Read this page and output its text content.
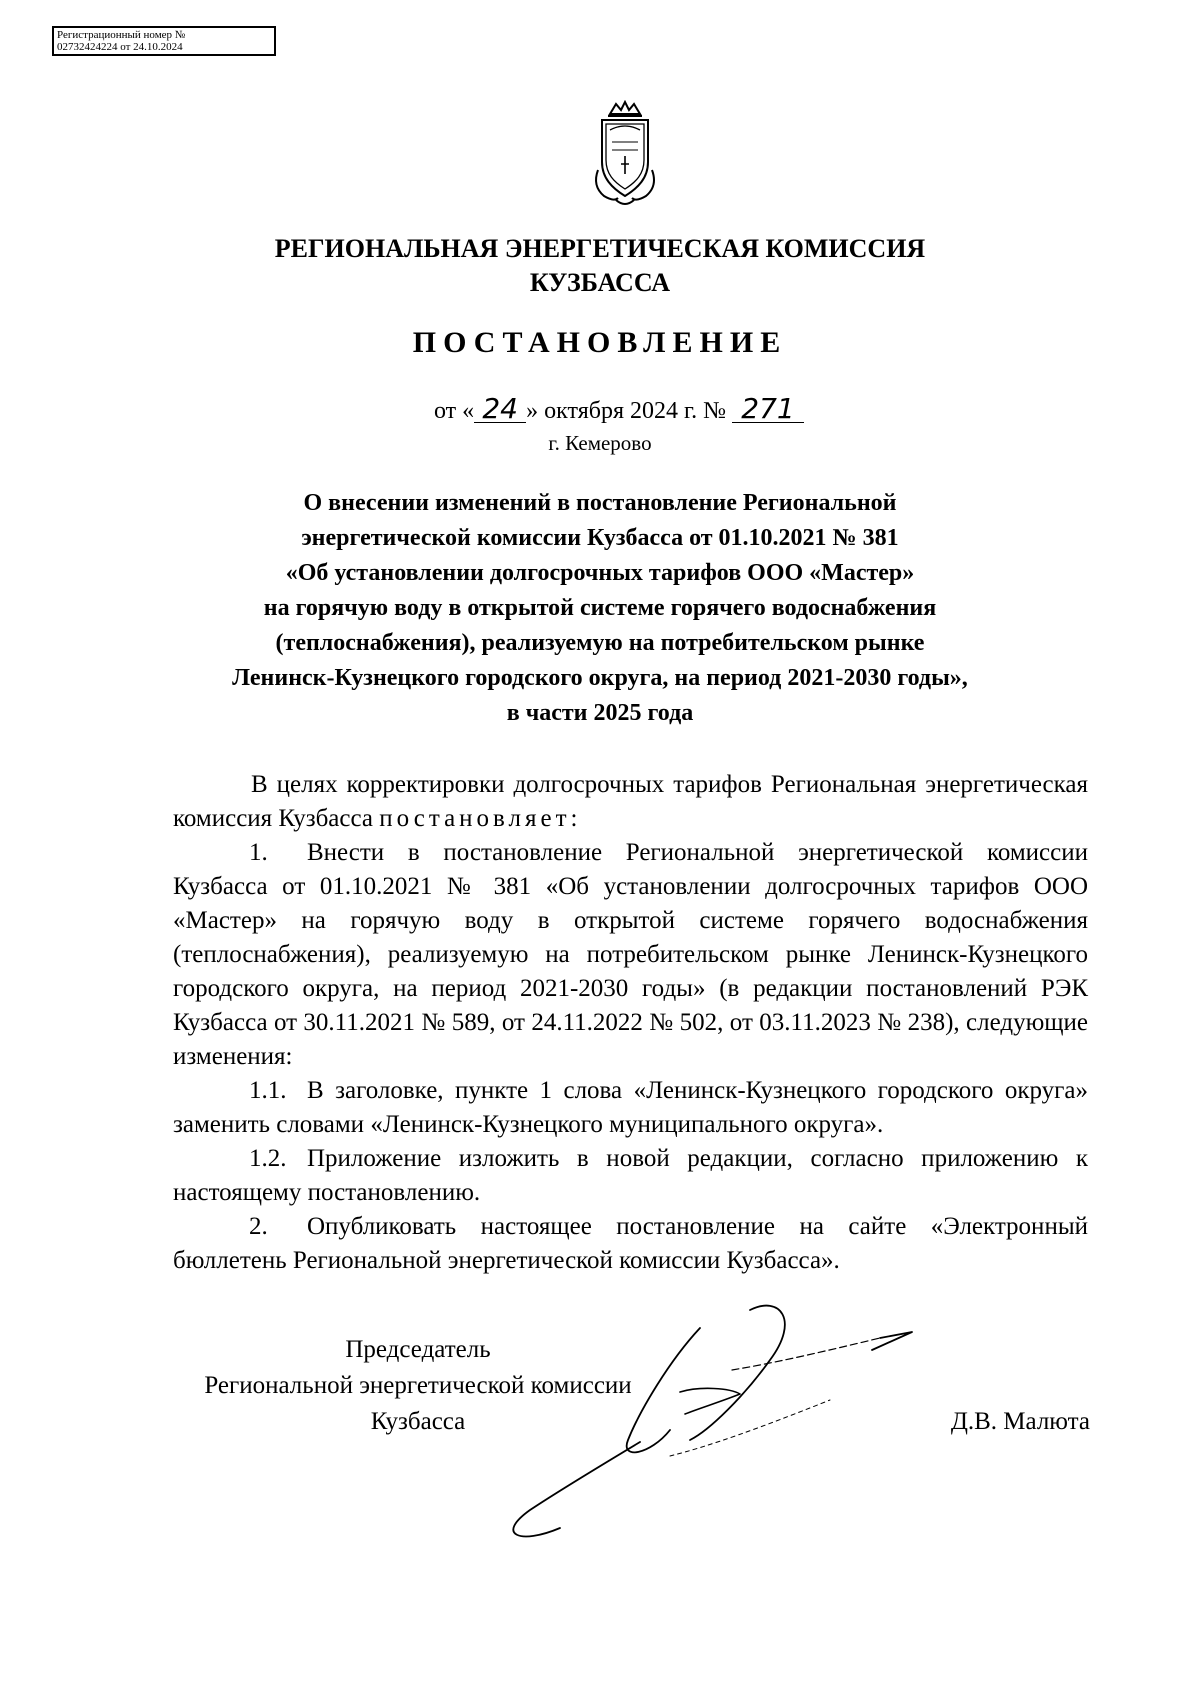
Регистрационный номер №
02732424224 от 24.10.2024
РЕГИОНАЛЬНАЯ ЭНЕРГЕТИЧЕСКАЯ КОМИССИЯ
КУЗБАССА
ПОСТАНОВЛЕНИЕ
от « 24 » октября 2024 г. № 271
г. Кемерово
О внесении изменений в постановление Региональной
энергетической комиссии Кузбасса от 01.10.2021 № 381
«Об установлении долгосрочных тарифов ООО «Мастер»
на горячую воду в открытой системе горячего водоснабжения
(теплоснабжения), реализуемую на потребительском рынке
Ленинск-Кузнецкого городского округа, на период 2021-2030 годы»,
в части 2025 года

В целях корректировки долгосрочных тарифов Региональная энергетическая комиссия Кузбасса постановляет:

1. Внести в постановление Региональной энергетической комиссии Кузбасса от 01.10.2021 № 381 «Об установлении долгосрочных тарифов ООО «Мастер» на горячую воду в открытой системе горячего водоснабжения (теплоснабжения), реализуемую на потребительском рынке Ленинск-Кузнецкого городского округа, на период 2021-2030 годы» (в редакции постановлений РЭК Кузбасса от 30.11.2021 № 589, от 24.11.2022 № 502, от 03.11.2023 № 238), следующие изменения:

1.1. В заголовке, пункте 1 слова «Ленинск-Кузнецкого городского округа» заменить словами «Ленинск-Кузнецкого муниципального округа».

1.2. Приложение изложить в новой редакции, согласно приложению к настоящему постановлению.

2. Опубликовать настоящее постановление на сайте «Электронный бюллетень Региональной энергетической комиссии Кузбасса».

Председатель
Региональной энергетической комиссии
Кузбасса	Д.В. Малюта
